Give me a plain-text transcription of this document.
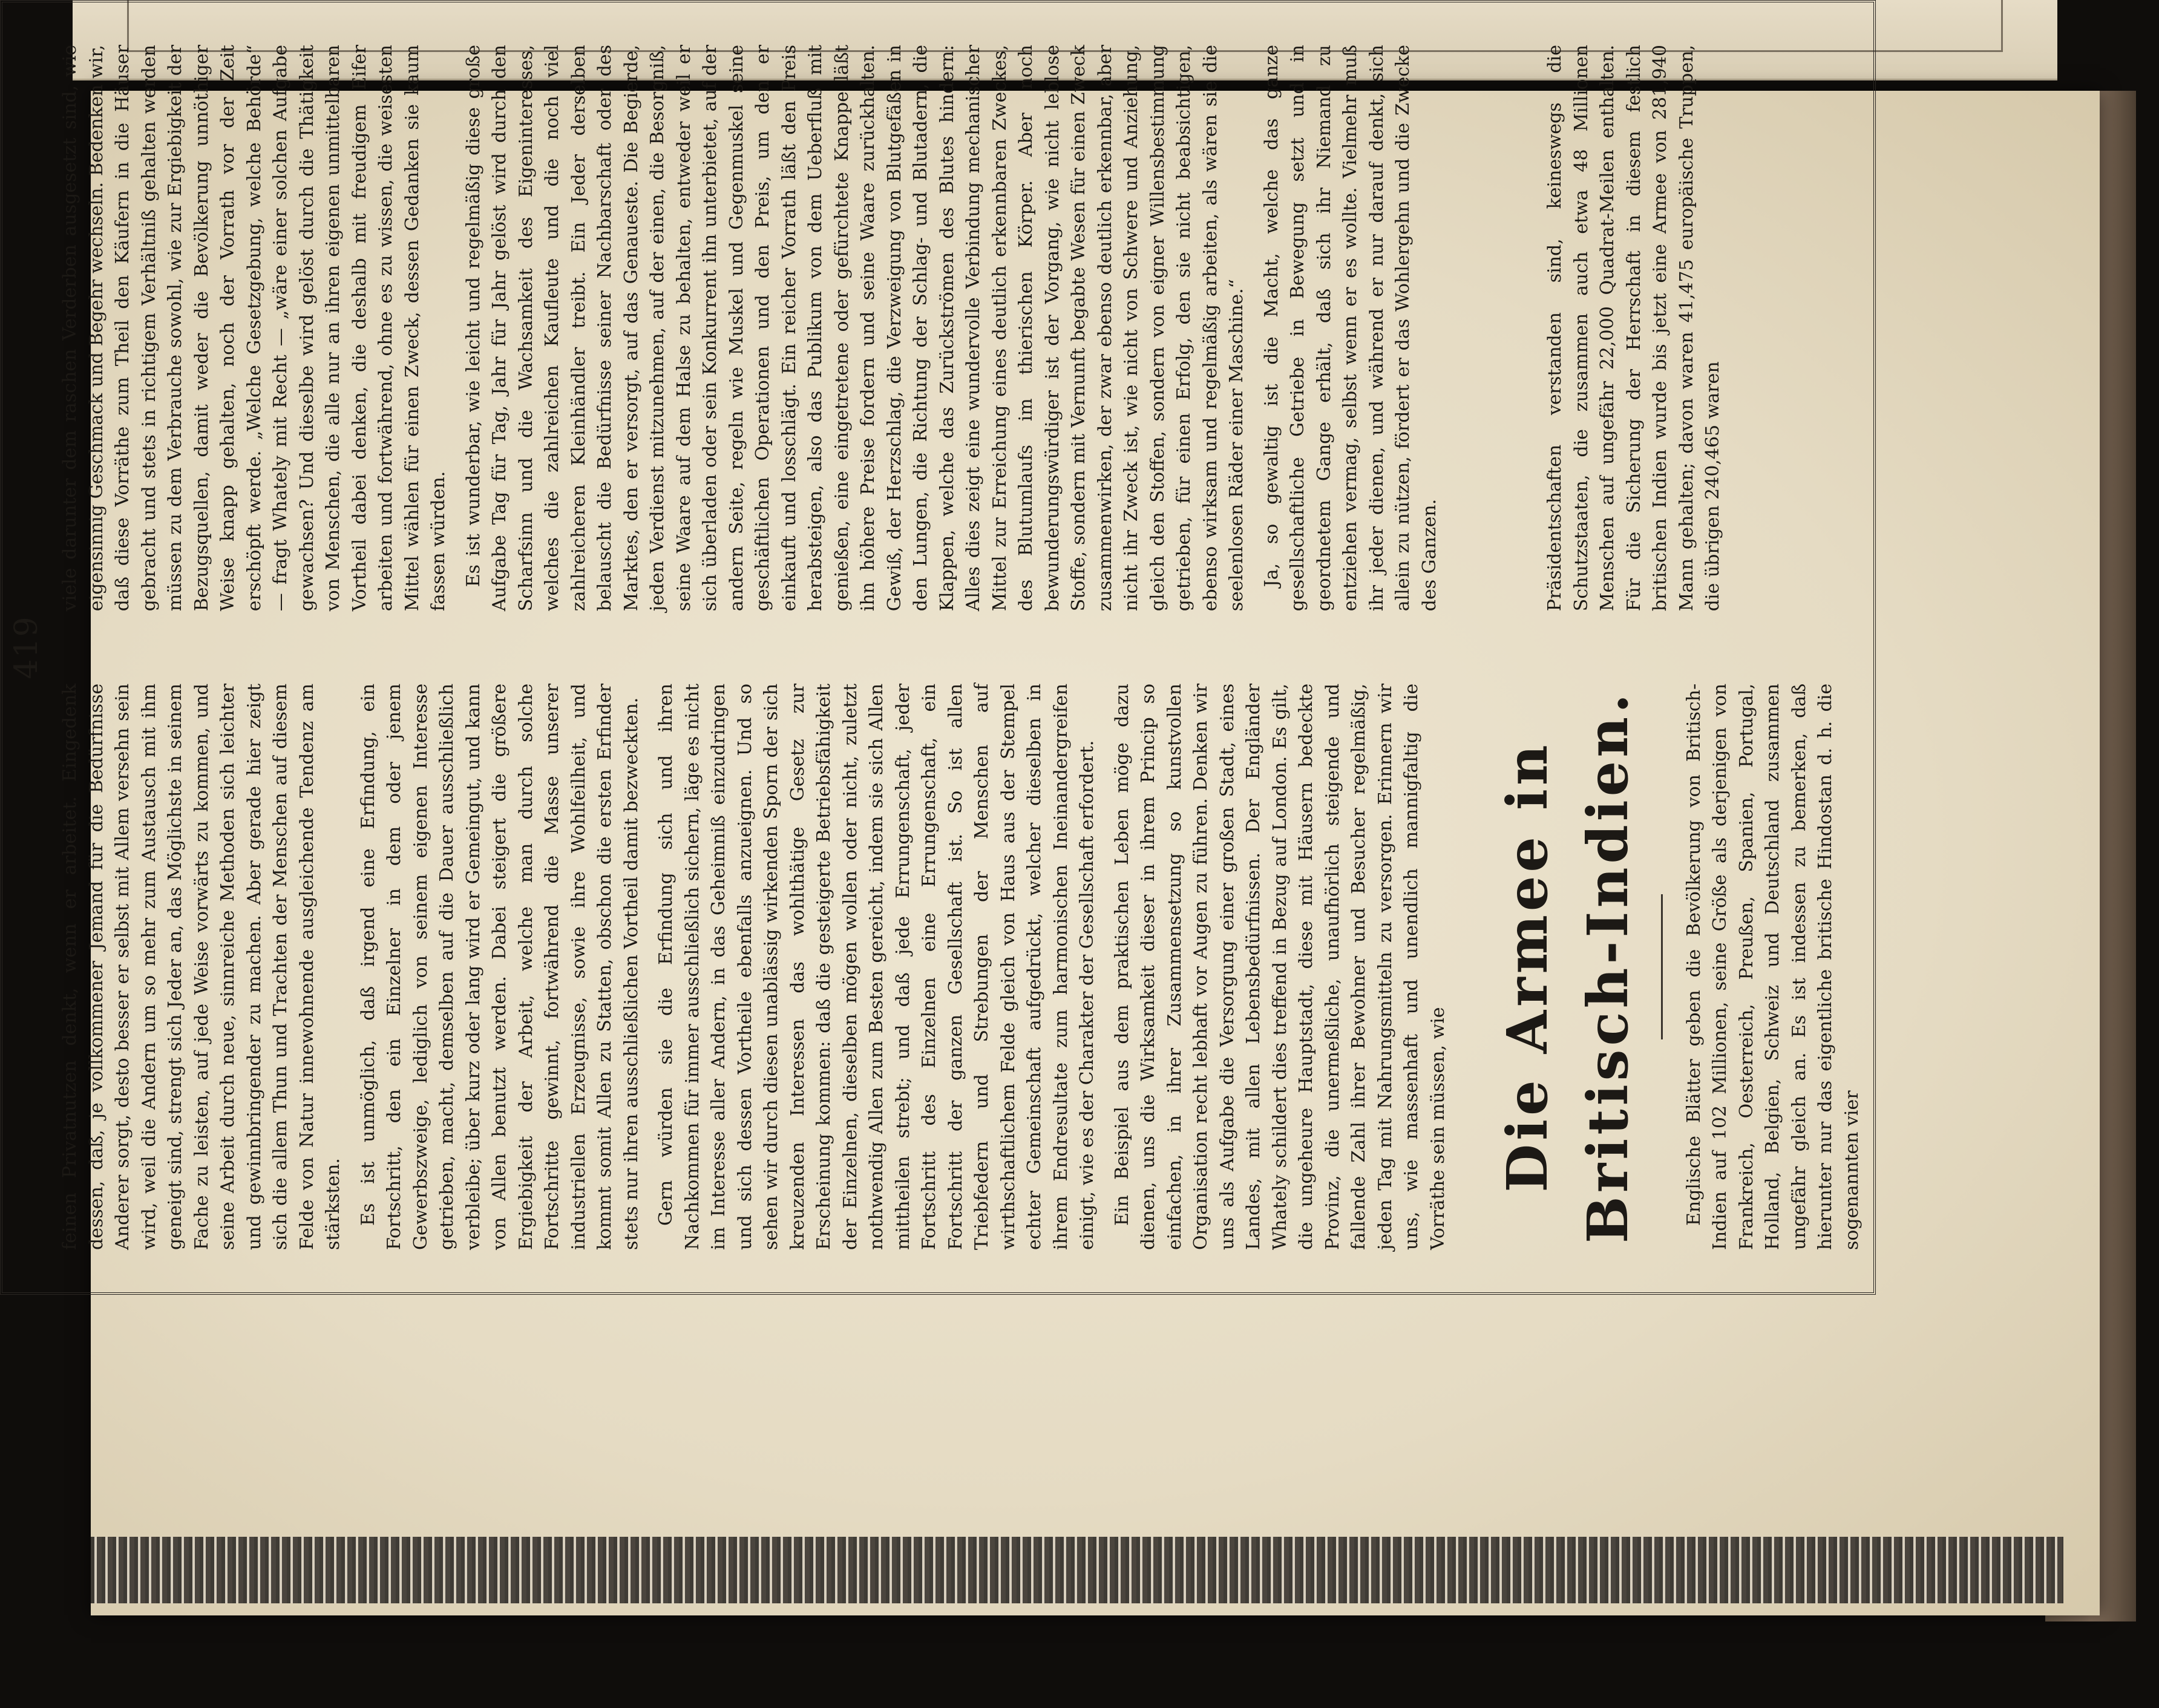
419

feinen Privatnutzen denkt, wenn er arbeitet. Eingedenk dessen, daß, je vollkommener Jemand für die Bedürfnisse Anderer sorgt, desto besser er selbst mit Allem versehn sein wird, weil die Andern um so mehr zum Austausch mit ihm geneigt sind, strengt sich Jeder an, das Möglichste in seinem Fache zu leisten, auf jede Weise vorwärts zu kommen, und seine Arbeit durch neue, sinnreiche Methoden sich leichter und gewinnbringender zu machen. Aber gerade hier zeigt sich die allem Thun und Trachten der Menschen auf diesem Felde von Natur innewohnende ausgleichende Tendenz am stärksten. Es ist unmöglich, daß irgend eine Erfindung, ein Fortschritt, den ein Einzelner in dem oder jenem Gewerbszweige, lediglich von seinem eigenen Interesse getrieben, macht, demselben auf die Dauer ausschließlich verbleibe; über kurz oder lang wird er Gemeingut, und kann von Allen benutzt werden. Dabei steigert die größere Ergiebigkeit der Arbeit, welche man durch solche Fortschritte gewinnt, fortwährend die Masse unserer industriellen Erzeugnisse, sowie ihre Wohlfeilheit, und kommt somit Allen zu Statten, obschon die ersten Erfinder stets nur ihren ausschließlichen Vortheil damit bezweckten. Gern würden sie die Erfindung sich und ihren Nachkommen für immer ausschließlich sichern, läge es nicht im Interesse aller Andern, in das Geheimniß einzudringen und sich dessen Vortheile ebenfalls anzueignen. Und so sehen wir durch diesen unablässig wirkenden Sporn der sich kreuzenden Interessen das wohlthätige Gesetz zur Erscheinung kommen: daß die gesteigerte Betriebsfähigkeit der Einzelnen, dieselben mögen wollen oder nicht, zuletzt nothwendig Allen zum Besten gereicht, indem sie sich Allen mittheilen strebt; und daß jede Errungenschaft, jeder Fortschritt des Einzelnen eine Errungenschaft, ein Fortschritt der ganzen Gesellschaft ist. So ist allen Triebfedern und Strebungen der Menschen auf wirthschaftlichem Felde gleich von Haus aus der Stempel echter Gemeinschaft aufgedrückt, welcher dieselben in ihrem Endresultate zum harmonischen Ineinandergreifen einigt, wie es der Charakter der Gesellschaft erfordert. Ein Beispiel aus dem praktischen Leben möge dazu dienen, uns die Wirksamkeit dieser in ihrem Princip so einfachen, in ihrer Zusammensetzung so kunstvollen Organisation recht lebhaft vor Augen zu führen. Denken wir uns als Aufgabe die Versorgung einer großen Stadt, eines Landes, mit allen Lebensbedürfnissen. Der Engländer Whately schildert dies treffend in Bezug auf London. Es gilt, die ungeheure Hauptstadt, diese mit Häusern bedeckte Provinz, die unermeßliche, unaufhörlich steigende und fallende Zahl ihrer Bewohner und Besucher regelmäßig, jeden Tag mit Nahrungsmitteln zu versorgen. Erinnern wir uns, wie massenhaft und unendlich mannigfaltig die Vorräthe sein müssen, wie Die Armee in Britisch-Indien.	Englische Blätter geben die Bevölkerung von Britisch-Indien auf 102 Millionen, seine Größe als derjenigen von Frankreich, Oesterreich, Preußen, Spanien, Portugal, Holland, Belgien, Schweiz und Deutschland zusammen ungefähr gleich an. Es ist indessen zu bemerken, daß hierunter nur das eigentliche britische Hindostan d. h. die sogenannten vier

viele darunter dem raschen Verderben ausgesetzt sind, wie eigensinnig Geschmack und Begehr wechseln. Bedenken wir, daß diese Vorräthe zum Theil den Käufern in die Häuser gebracht und stets in richtigem Verhältniß gehalten werden müssen zu dem Verbrauche sowohl, wie zur Ergiebigkeit der Bezugsquellen, damit weder die Bevölkerung unnöthiger Weise knapp gehalten, noch der Vorrath vor der Zeit erschöpft werde. „Welche Gesetzgebung, welche Behörde“ — fragt Whately mit Recht — „wäre einer solchen Aufgabe gewachsen? Und dieselbe wird gelöst durch die Thätigkeit von Menschen, die alle nur an ihren eigenen unmittelbaren Vortheil dabei denken, die deshalb mit freudigem Eifer arbeiten und fortwährend, ohne es zu wissen, die weisesten Mittel wählen für einen Zweck, dessen Gedanken sie kaum fassen würden. Es ist wunderbar, wie leicht und regelmäßig diese große Aufgabe Tag für Tag, Jahr für Jahr gelöst wird durch den Scharfsinn und die Wachsamkeit des Eigeninteresses, welches die zahlreichen Kaufleute und die noch viel zahlreicheren Kleinhändler treibt. Ein Jeder derselben belauscht die Bedürfnisse seiner Nachbarschaft oder des Marktes, den er versorgt, auf das Genaueste. Die Begierde, jeden Verdienst mitzunehmen, auf der einen, die Besorgniß, seine Waare auf dem Halse zu behalten, entweder weil er sich überladen oder sein Konkurrent ihn unterbietet, auf der andern Seite, regeln wie Muskel und Gegenmuskel seine geschäftlichen Operationen und den Preis, um den er einkauft und losschlägt. Ein reicher Vorrath läßt den Preis herabsteigen, also das Publikum von dem Ueberfluß mit genießen, eine eingetretene oder gefürchtete Knappe läßt ihn höhere Preise fordern und seine Waare zurückhalten. Gewiß, der Herzschlag, die Verzweigung von Blutgefäßen in den Lungen, die Richtung der Schlag- und Blutadern, die Klappen, welche das Zurückströmen des Blutes hindern: Alles dies zeigt eine wundervolle Verbindung mechanischer Mittel zur Erreichung eines deutlich erkennbaren Zweckes, des Blutumlaufs im thierischen Körper. Aber noch bewunderungswürdiger ist der Vorgang, wie nicht leblose Stoffe, sondern mit Vernunft begabte Wesen für einen Zweck zusammenwirken, der zwar ebenso deutlich erkennbar, aber nicht ihr Zweck ist, wie nicht von Schwere und Anziehung, gleich den Stoffen, sondern von eigner Willensbestimmung getrieben, für einen Erfolg, den sie nicht beabsichtigen, ebenso wirksam und regelmäßig arbeiten, als wären sie die seelenlosen Räder einer Maschine.“ Ja, so gewaltig ist die Macht, welche das ganze gesellschaftliche Getriebe in Bewegung setzt und in geordnetem Gange erhält, daß sich ihr Niemand zu entziehen vermag, selbst wenn er es wollte. Vielmehr muß ihr jeder dienen, und während er nur darauf denkt, sich allein zu nützen, fördert er das Wohlergehn und die Zwecke des Ganzen.	Präsidentschaften verstanden sind, keineswegs die Schutzstaaten, die zusammen auch etwa 48 Millionen Menschen auf ungefähr 22,000 Quadrat-Meilen enthalten. Für die Sicherung der Herrschaft in diesem festlich britischen Indien wurde bis jetzt eine Armee von 281,940 Mann gehalten; davon waren 41,475 europäische Truppen, die übrigen 240,465 waren
